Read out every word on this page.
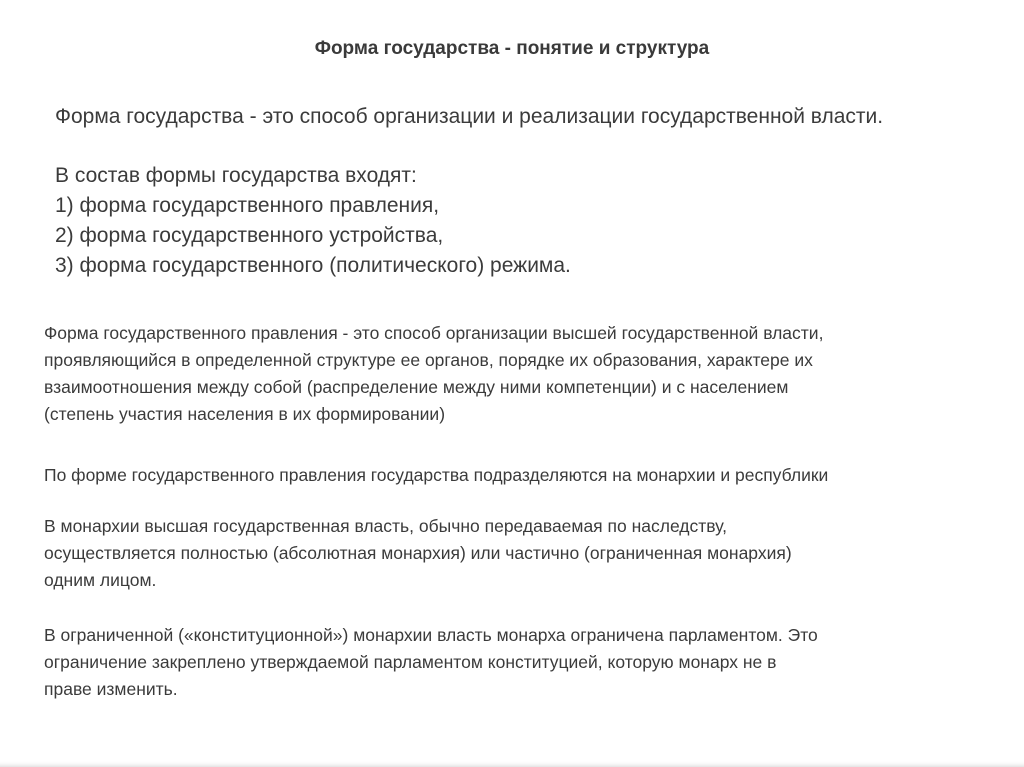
Форма государства - понятие и структура

Форма государства - это способ организации и реализации государственной власти.

В состав формы государства входят:
1) форма государственного правления,
2) форма государственного устройства,
3) форма государственного (политического) режима.
Форма государственного правления - это способ организации высшей государственной власти,
проявляющийся в определенной структуре ее органов, порядке их образования, характере их
взаимоотношения между собой (распределение между ними компетенции) и с населением
(степень участия населения в их формировании)
По форме государственного правления государства подразделяются на монархии и республики
В монархии высшая государственная власть, обычно передаваемая по наследству,
осуществляется полностью (абсолютная монархия) или частично (ограниченная монархия)
одним лицом.
В ограниченной («конституционной») монархии власть монарха ограничена парламентом. Это
ограничение закреплено утверждаемой парламентом конституцией, которую монарх не в
праве изменить.
